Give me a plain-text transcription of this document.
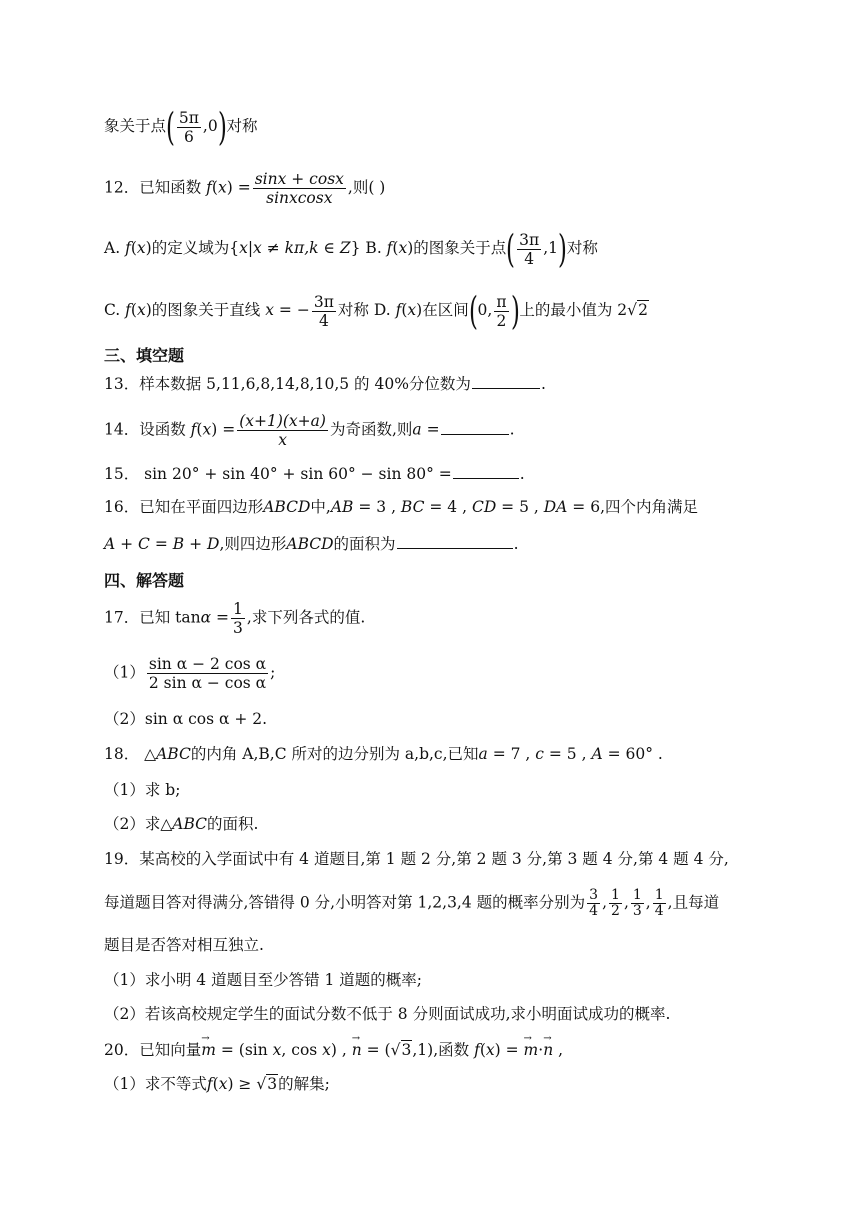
象关于点( $\frac{5\pi}{6} ,0$)对称
12．已知函数 $f(x) = \frac{\sin x + \cos x}{\text{sinxcosx}}$ ,则( )
A. f(x)的定义域为{x|x ≠ kπ,k ∈ Z} B. f(x)的图象关于点( $\frac{3\pi}{4} ,1$)对称
C. f(x)的图象关于直线 x = − $\frac{3\pi}{4}$ 对称 D. f(x)在区间(0, $\frac{\pi}{2}$ )上的最小值为 2√2
三、填空题
13．样本数据 5,11,6,8,14,8,10,5 的 40%分位数为	.
14．设函数 $f(x) = \frac{(x+1)(x+a)}{x}$ 为奇函数,则a =	.
15． sin 20° + sin 40° + sin 60° − sin 80° =	.
16．已知在平面四边形ABCD中,AB = 3 , BC = 4 , CD = 5 , DA = 6,四个内角满足
A + C = B + D,则四边形ABCD的面积为	.
四、解答题
17．已知 $\tan\alpha = \frac{1}{3}$ ,求下列各式的值.
$(1) \frac{\text{sin α − 2 cos α}}{\text{2 sin α − cos α}}$ ;
（2）sin α cos α + 2.
18． △ABC的内角 A,B,C 所对的边分别为 a,b,c,已知a = 7 , c = 5 , A = 60° .
（1）求 b;
（2）求△ABC的面积.
19．某高校的入学面试中有 4 道题目,第 1 题 2 分,第 2 题 3 分,第 3 题 4 分,第 4 题 4 分,
每道题目答对得满分,答错得 0 分,小明答对第 1,2,3,4 题的概率分别为 $\frac{3}{4}$ , $\frac{1}{2}$ , $\frac{1}{3}$ , $\frac{1}{4}$ ,且每道
题目是否答对相互独立.
（1）求小明 4 道题目至少答错 1 道题的概率;
（2）若该高校规定学生的面试分数不低于 8 分则面试成功,求小明面试成功的概率.
20．已知向量→ m = (sin x, cos x) , → n = (√3,1),函数 f(x) = → m·→ n ,
（1）求不等式f(x) ≥ √3的解集;
